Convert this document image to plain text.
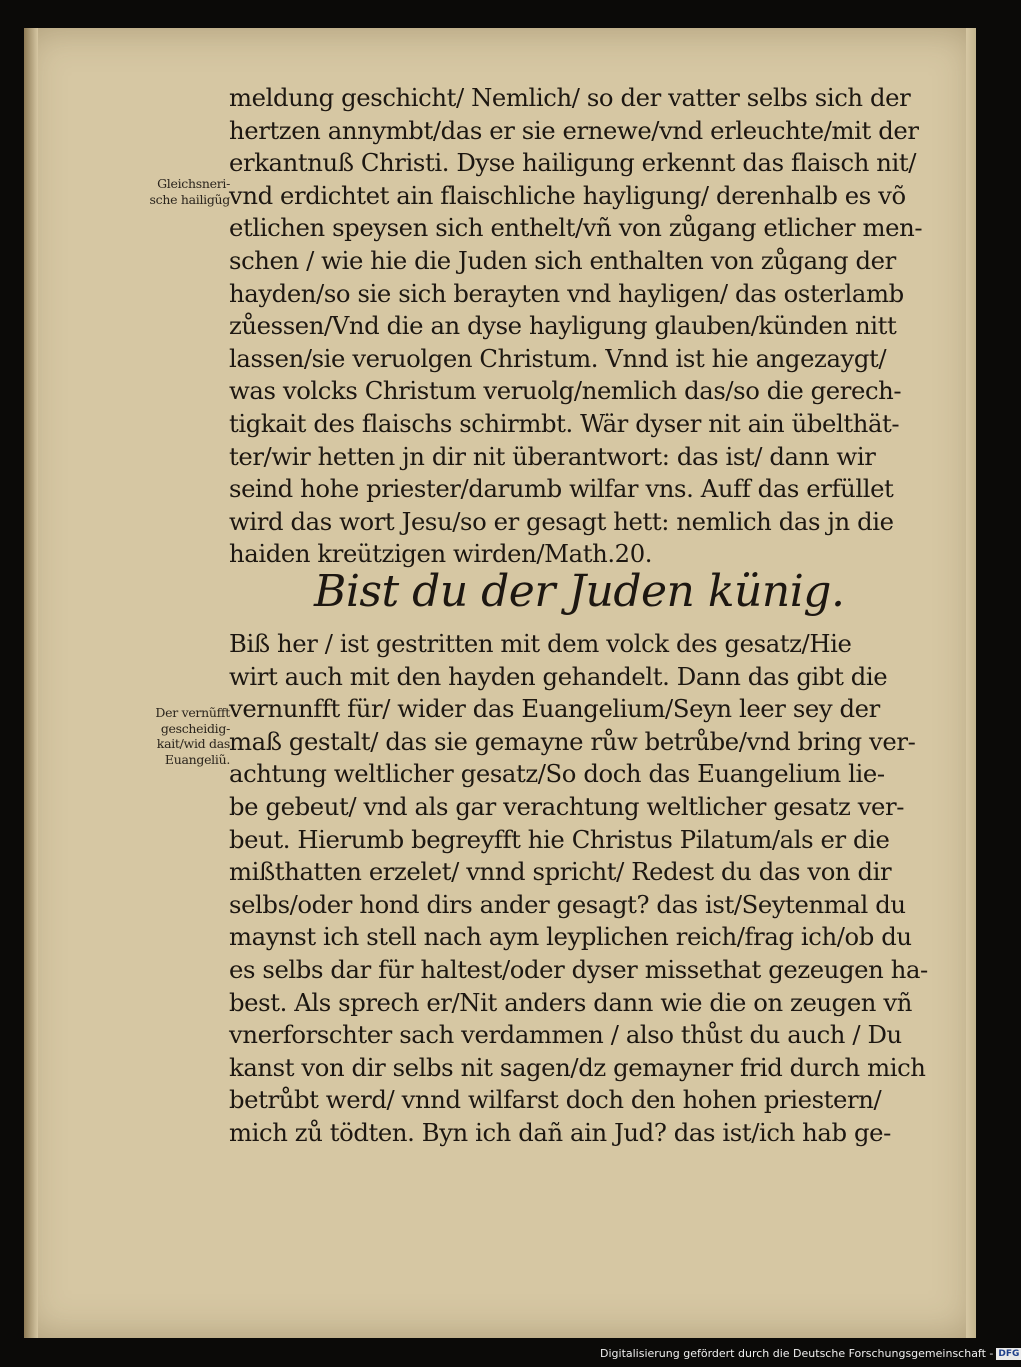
meldung geschicht/ Nemlich/ so der vatter selbs sich der
hertzen annymbt/das er sie ernewe/vnd erleuchte/mit der
erkantnuß Christi. Dyse hailigung erkennt das flaisch nit/
vnd erdichtet ain flaischliche hayligung/ derenhalb es võ
etlichen speysen sich enthelt/vñ von zůgang etlicher men-
schen / wie hie die Juden sich enthalten von zůgang der
hayden/so sie sich berayten vnd hayligen/ das osterlamb
zůessen/Vnd die an dyse hayligung glauben/künden nitt
lassen/sie veruolgen Christum. Vnnd ist hie angezaygt/
was volcks Christum veruolg/nemlich das/so die gerech-
tigkait des flaischs schirmbt. Wär dyser nit ain übelthät-
ter/wir hetten jn dir nit überantwort: das ist/ dann wir
seind hohe priester/darumb wilfar vns. Auff das erfüllet
wird das wort Jesu/so er gesagt hett: nemlich das jn die
haiden kreützigen wirden/Math.20.
Gleichsneri-
sche hailigũg
Bist du der Juden künig.
Biß her / ist gestritten mit dem volck des gesatz/Hie
wirt auch mit den hayden gehandelt. Dann das gibt die
vernunfft für/ wider das Euangelium/Seyn leer sey der
maß gestalt/ das sie gemayne růw betrůbe/vnd bring ver-
achtung weltlicher gesatz/So doch das Euangelium lie-
be gebeut/ vnd als gar verachtung weltlicher gesatz ver-
beut. Hierumb begreyfft hie Christus Pilatum/als er die
mißthatten erzelet/ vnnd spricht/ Redest du das von dir
selbs/oder hond dirs ander gesagt? das ist/Seytenmal du
maynst ich stell nach aym leyplichen reich/frag ich/ob du
es selbs dar für haltest/oder dyser missethat gezeugen ha-
best. Als sprech er/Nit anders dann wie die on zeugen vñ
vnerforschter sach verdammen / also thůst du auch / Du
kanst von dir selbs nit sagen/dz gemayner frid durch mich
betrůbt werd/ vnnd wilfarst doch den hohen priestern/
mich zů tödten. Byn ich dañ ain Jud? das ist/ich hab ge-
Der vernũfft
gescheidig-
kait/wid das
Euangeliũ.
Digitalisierung gefördert durch die Deutsche Forschungsgemeinschaft - DFG
